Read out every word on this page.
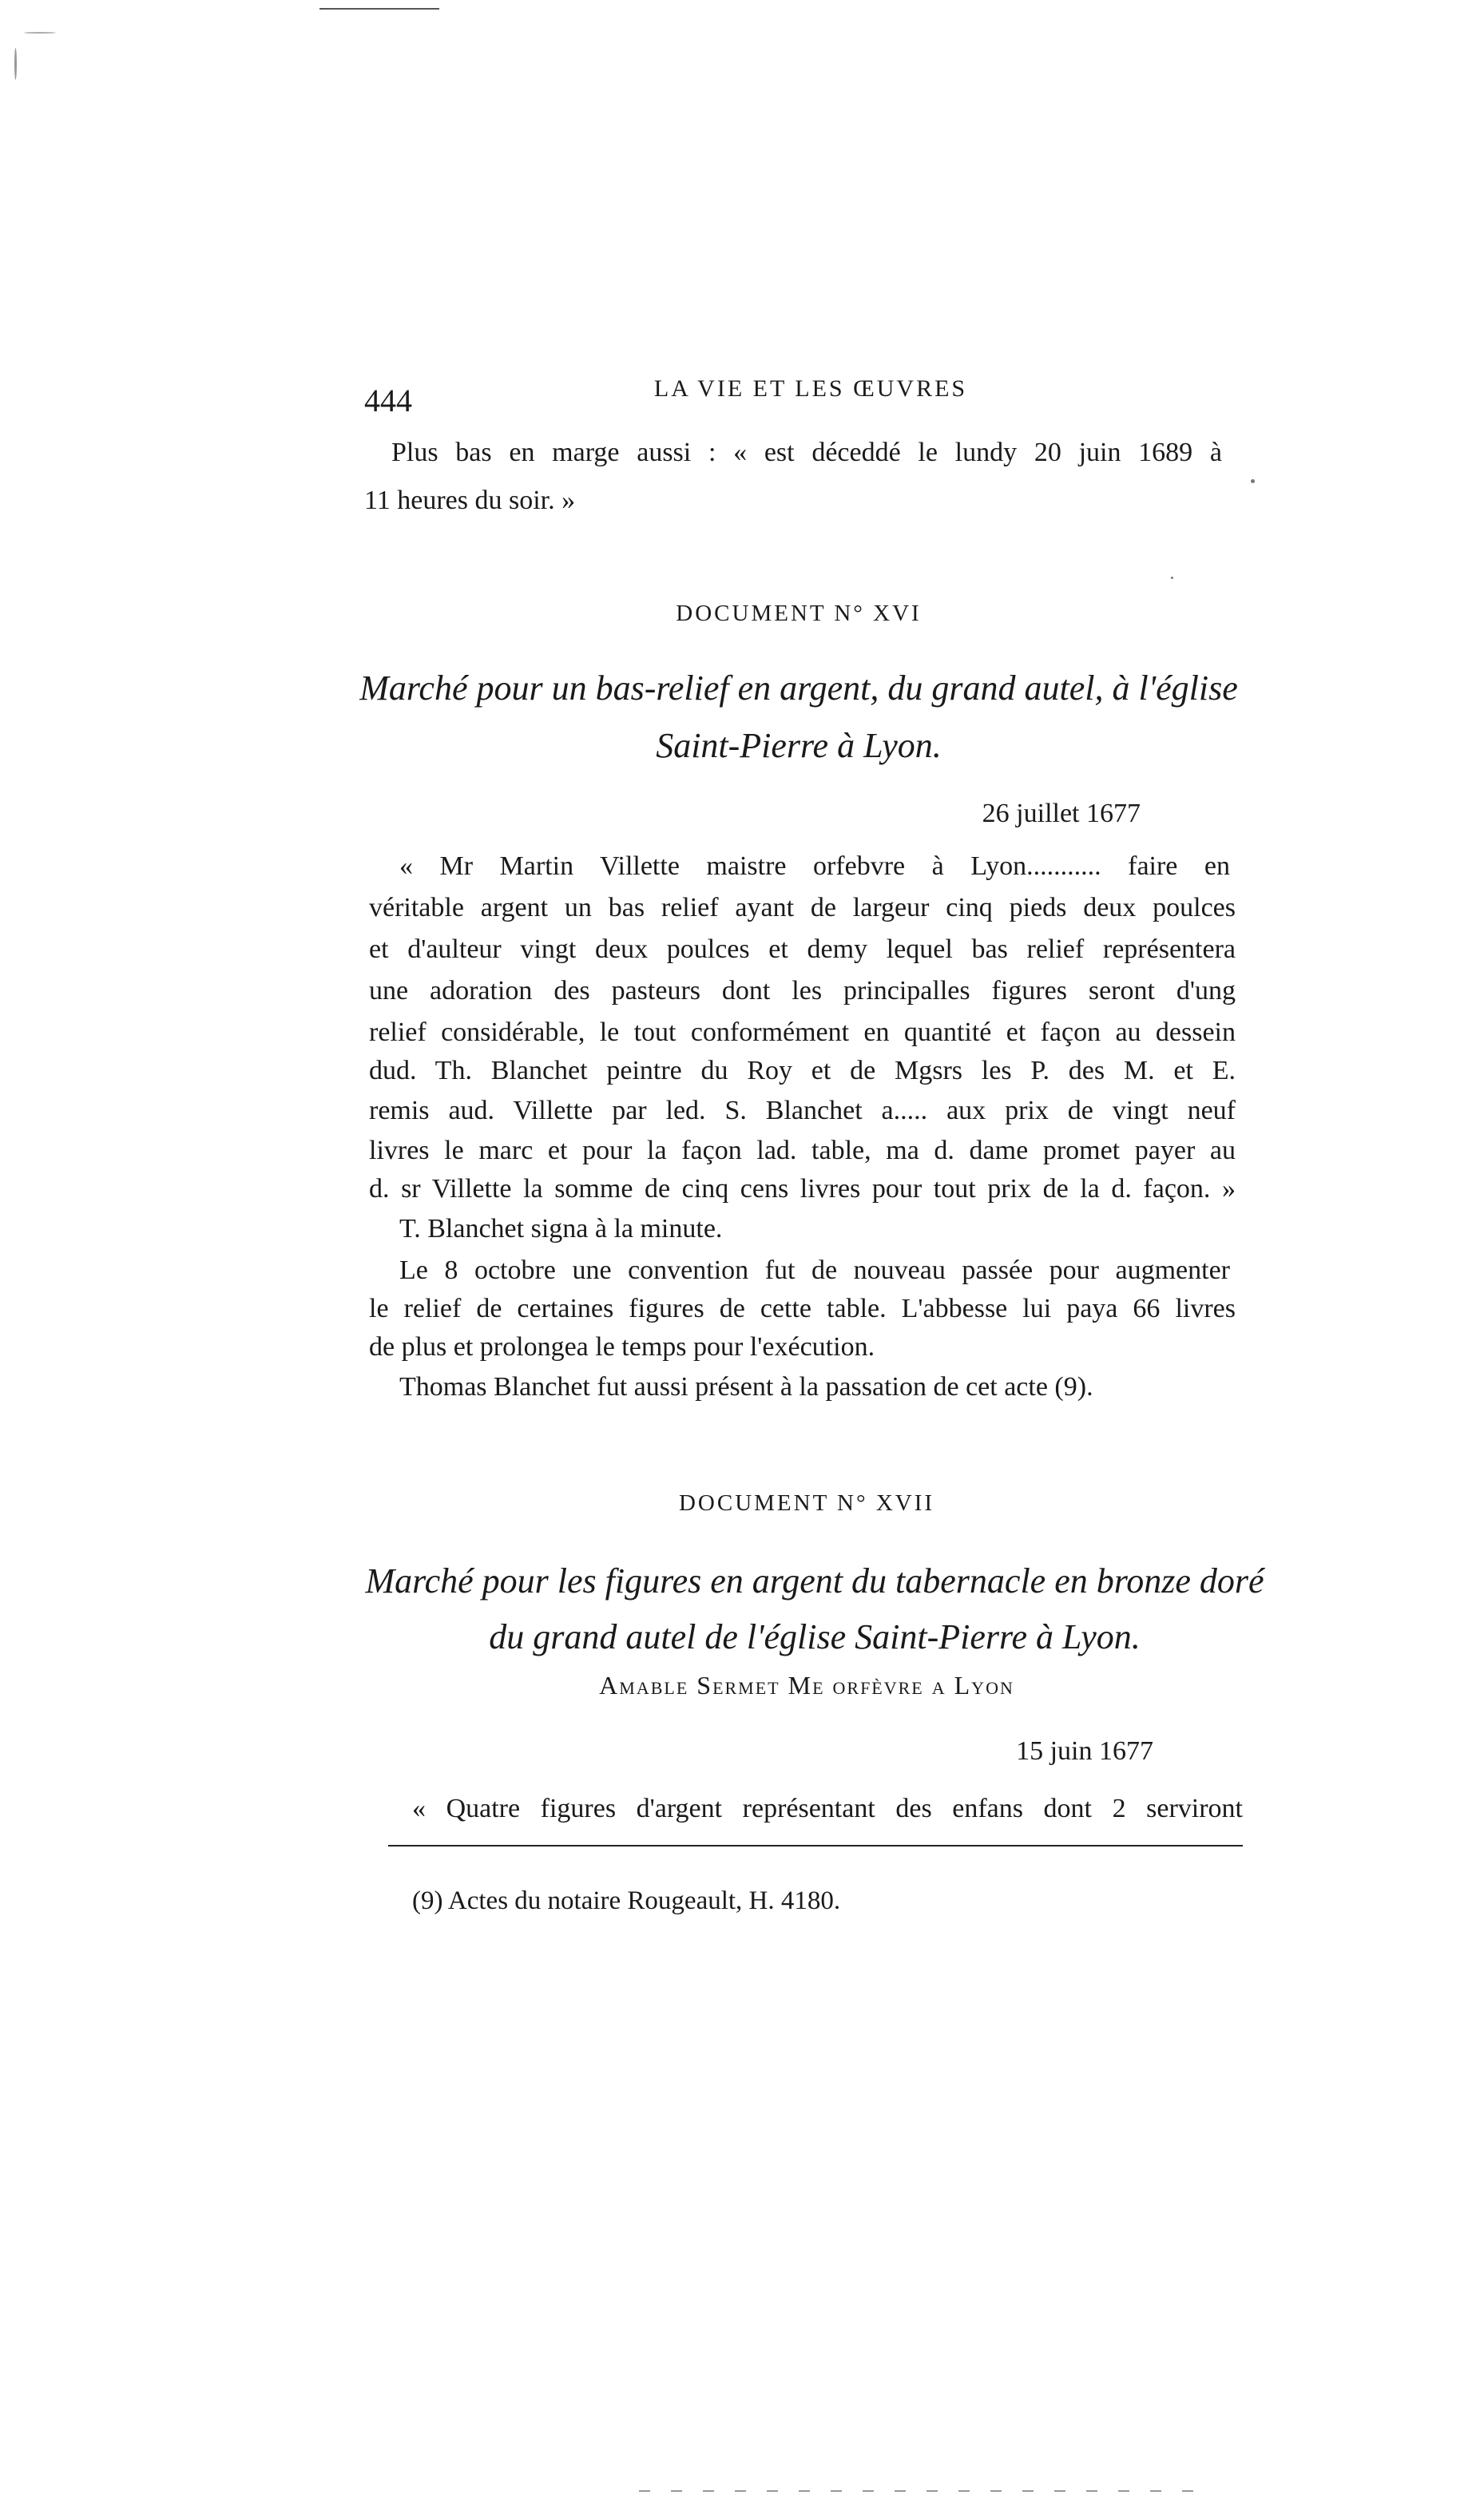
444	LA VIE ET LES ŒUVRES
Plus bas en marge aussi : « est déceddé le lundy 20 juin 1689 à
11 heures du soir. »
DOCUMENT N° XVI
Marché pour un bas-relief en argent, du grand autel, à l'église
Saint-Pierre à Lyon.
26 juillet 1677
« Mr Martin Villette maistre orfebvre à Lyon........... faire en
véritable argent un bas relief ayant de largeur cinq pieds deux poulces
et d'aulteur vingt deux poulces et demy lequel bas relief représentera
une adoration des pasteurs dont les principalles figures seront d'ung
relief considérable, le tout conformément en quantité et façon au dessein
dud. Th. Blanchet peintre du Roy et de Mgsrs les P. des M. et E.
remis aud. Villette par led. S. Blanchet a..... aux prix de vingt neuf
livres le marc et pour la façon lad. table, ma d. dame promet payer au
d. sr Villette la somme de cinq cens livres pour tout prix de la d. façon. »
T. Blanchet signa à la minute.
Le 8 octobre une convention fut de nouveau passée pour augmenter
le relief de certaines figures de cette table. L'abbesse lui paya 66 livres
de plus et prolongea le temps pour l'exécution.
Thomas Blanchet fut aussi présent à la passation de cet acte (9).
DOCUMENT N° XVII
Marché pour les figures en argent du tabernacle en bronze doré
du grand autel de l'église Saint-Pierre à Lyon.
Amable Sermet Me orfèvre a Lyon
15 juin 1677
« Quatre figures d'argent représentant des enfans dont 2 serviront
(9) Actes du notaire Rougeault, H. 4180.
